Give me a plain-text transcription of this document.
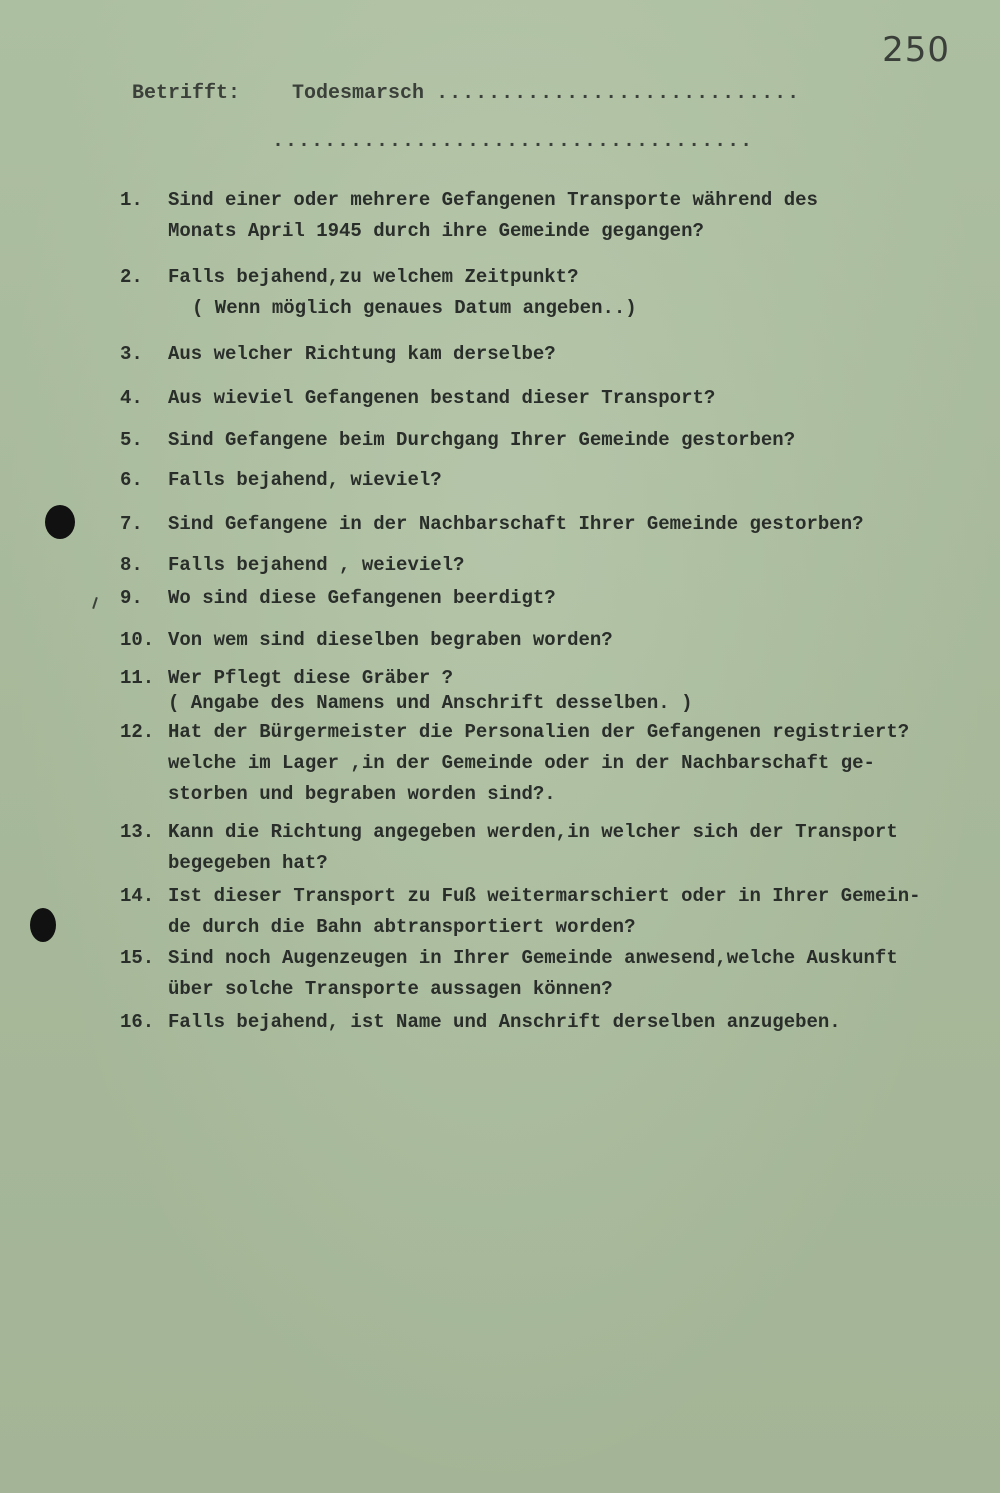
250
Betrifft:	Todesmarsch ............................
.....................................
1.	Sind einer oder mehrere Gefangenen Transporte während des
Monats April 1945 durch ihre Gemeinde gegangen?
2.	Falls bejahend,zu welchem Zeitpunkt?
( Wenn möglich genaues Datum angeben..)
3.	Aus welcher Richtung kam derselbe?
4.	Aus wieviel Gefangenen bestand dieser Transport?
5.	Sind Gefangene beim Durchgang Ihrer Gemeinde gestorben?
6.	Falls bejahend, wieviel?
7.	Sind Gefangene in der Nachbarschaft Ihrer Gemeinde gestorben?
8.	Falls bejahend , weieviel?
9.	Wo sind diese Gefangenen beerdigt?
10. Von wem sind dieselben begraben worden?
11. Wer Pflegt diese Gräber ?
( Angabe des Namens und Anschrift desselben. )
12. Hat der Bürgermeister die Personalien der Gefangenen registriert?
welche im Lager ,in der Gemeinde oder in der Nachbarschaft ge-
storben und begraben worden sind?.
13. Kann die Richtung angegeben werden,in welcher sich der Transport
begegeben hat?
14. Ist dieser Transport zu Fuß weitermarschiert oder in Ihrer Gemein-
de durch die Bahn abtransportiert worden?
15. Sind noch Augenzeugen in Ihrer Gemeinde anwesend,welche Auskunft
über solche Transporte aussagen können?
16. Falls bejahend, ist Name und Anschrift derselben anzugeben.
